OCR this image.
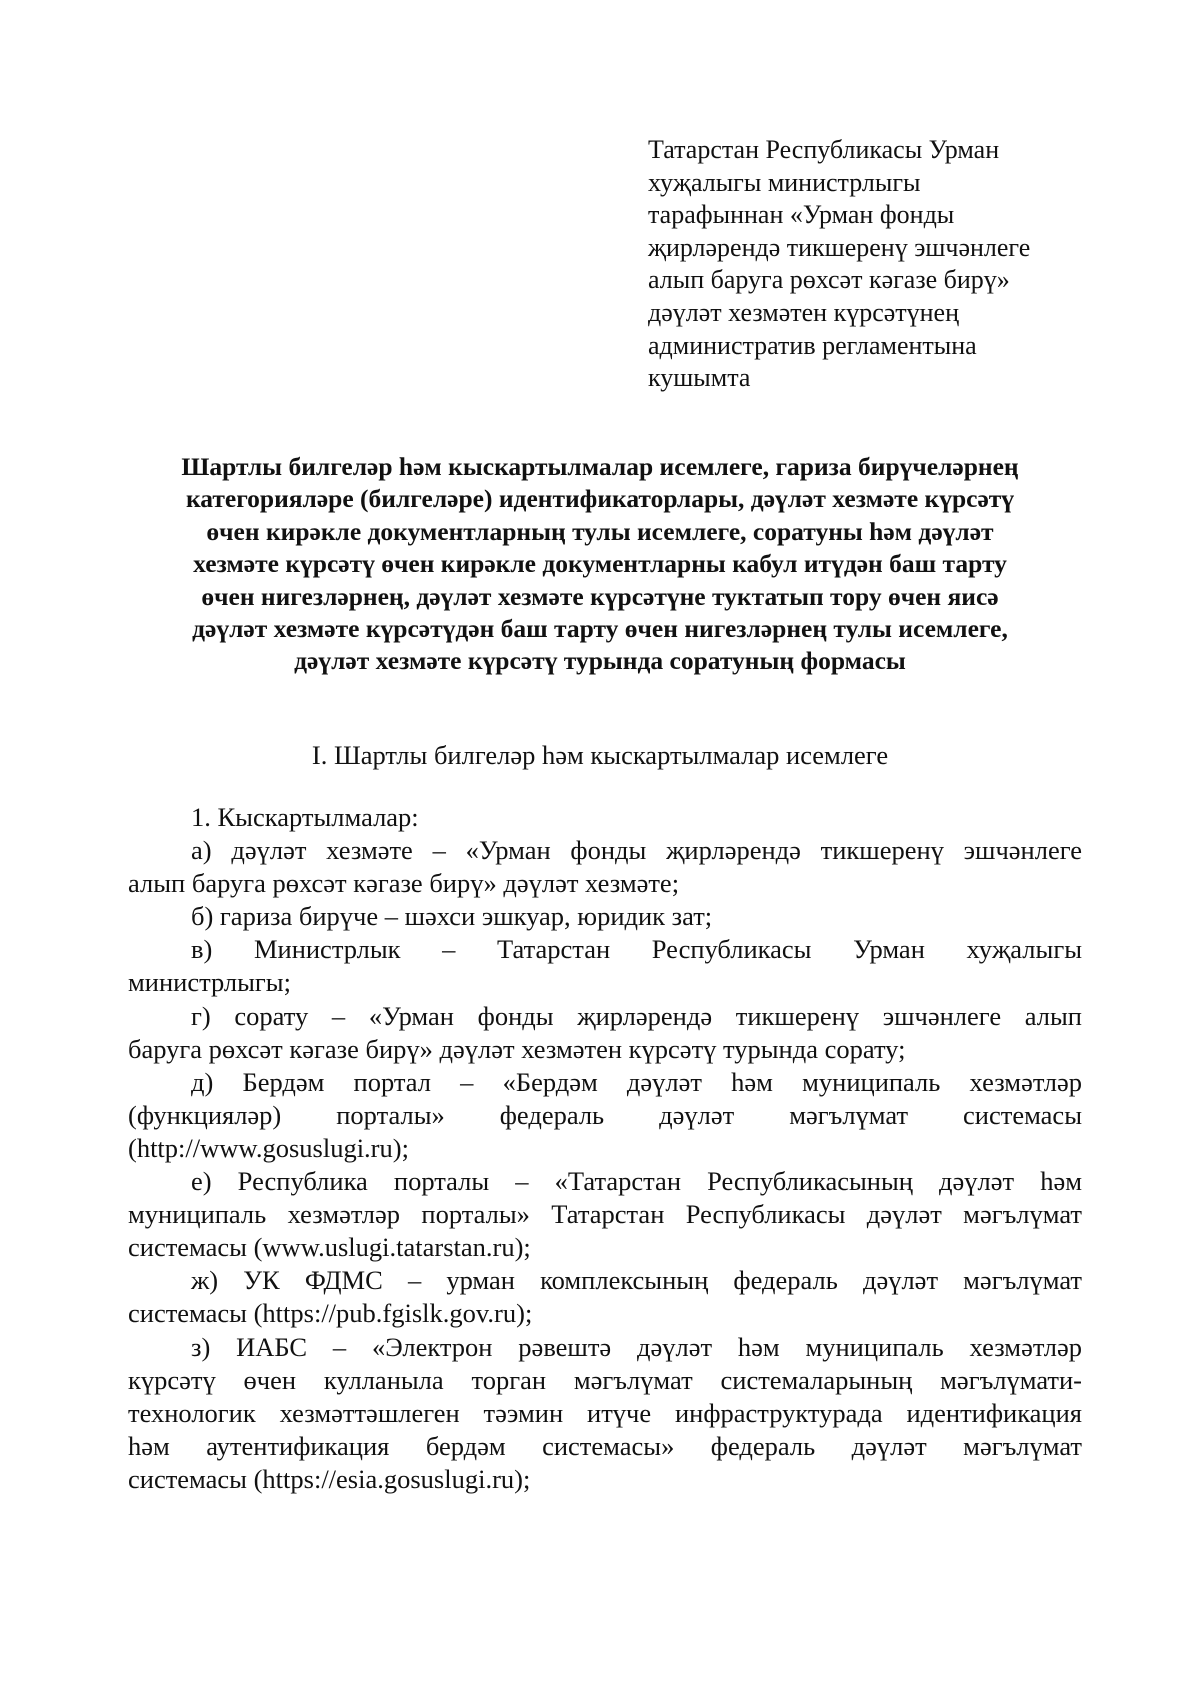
Татарстан Республикасы Урман
хуҗалыгы министрлыгы
тарафыннан «Урман фонды
җирләрендә тикшеренү эшчәнлеге
алып баруга рөхсәт кәгазе бирү»
дәүләт хезмәтен күрсәтүнең
административ регламентына
кушымта
Шартлы билгеләр һәм кыскартылмалар исемлеге, гариза бирүчеләрнең
категорияләре (билгеләре) идентификаторлары, дәүләт хезмәте күрсәтү
өчен кирәкле документларның тулы исемлеге, соратуны һәм дәүләт
хезмәте күрсәтү өчен кирәкле документларны кабул итүдән баш тарту
өчен нигезләрнең, дәүләт хезмәте күрсәтүне туктатып тору өчен яисә
дәүләт хезмәте күрсәтүдән баш тарту өчен нигезләрнең тулы исемлеге,
дәүләт хезмәте күрсәтү турында соратуның формасы
I. Шартлы билгеләр һәм кыскартылмалар исемлеге
1. Кыскартылмалар:
а) дәүләт хезмәте – «Урман фонды җирләрендә тикшеренү эшчәнлеге
алып баруга рөхсәт кәгазе бирү» дәүләт хезмәте;
б) гариза бирүче – шәхси эшкуар, юридик зат;
в) Министрлык – Татарстан Республикасы Урман хуҗалыгы
министрлыгы;
г) сорату – «Урман фонды җирләрендә тикшеренү эшчәнлеге алып
баруга рөхсәт кәгазе бирү» дәүләт хезмәтен күрсәтү турында сорату;
д) Бердәм портал – «Бердәм дәүләт һәм муниципаль хезмәтләр
(функцияләр) порталы» федераль дәүләт мәгълүмат системасы
(http://www.gosuslugi.ru);
е) Республика порталы – «Татарстан Республикасының дәүләт һәм
муниципаль хезмәтләр порталы» Татарстан Республикасы дәүләт мәгълүмат
системасы (www.uslugi.tatarstan.ru);
ж) УК ФДМС – урман комплексының федераль дәүләт мәгълүмат
системасы (https://pub.fgislk.gov.ru);
з) ИАБС – «Электрон рәвештә дәүләт һәм муниципаль хезмәтләр
күрсәтү өчен кулланыла торган мәгълүмат системаларының мәгълүмати-
технологик хезмәттәшлеген тәэмин итүче инфраструктурада идентификация
һәм аутентификация бердәм системасы» федераль дәүләт мәгълүмат
системасы (https://esia.gosuslugi.ru);
